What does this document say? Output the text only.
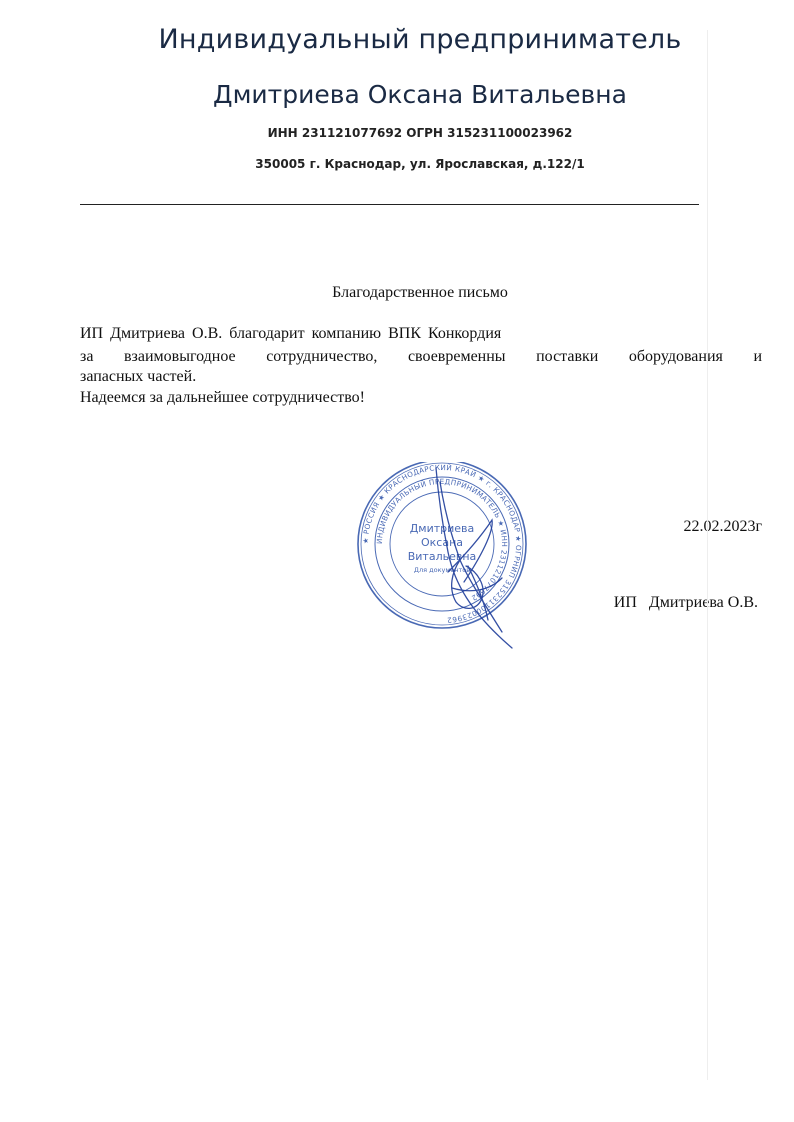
Индивидуальный предприниматель
Дмитриева Оксана Витальевна
ИНН 231121077692 ОГРН 315231100023962
350005 г. Краснодар, ул. Ярославская, д.122/1
Благодарственное письмо
ИП Дмитриева О.В. благодарит компанию ВПК Конкордия
за взаимовыгодное сотрудничество, своевременны поставки оборудования и
запасных частей.
Надеемся за дальнейшее сотрудничество!
22.02.2023г
ИП   Дмитриева О.В.
★ РОССИЯ ★ КРАСНОДАРСКИЙ КРАЙ ★ г. КРАСНОДАР ★ ОГРНИП 315231100023962
ИНДИВИДУАЛЬНЫЙ ПРЕДПРИНИМАТЕЛЬ ★ ИНН 231121077692
Дмитриева
Оксана
Витальевна
Для документов
